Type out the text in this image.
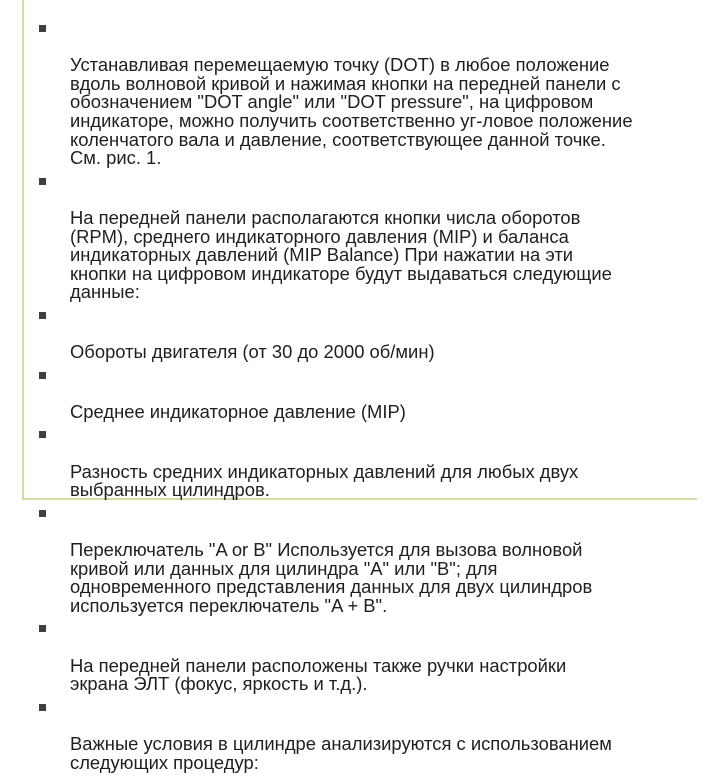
Устанавливая перемещаемую точку (DOT) в любое положение
вдоль волновой кривой и нажимая кнопки на передней панели с
обозначением "DOT angle" или "DOT pressure", на цифровом
индикаторе, можно получить соответственно уг-ловое положение
коленчатого вала и давление, соответствующее данной точке.
См. рис. 1.

На передней панели располагаются кнопки числа оборотов
(RPM), среднего индикаторного давления (MIP) и баланса
индикаторных давлений (MIP Balance) При нажатии на эти
кнопки на цифровом индикаторе будут выдаваться следующие
данные:

Обороты двигателя (от 30 до 2000 об/мин)

Среднее индикаторное давление (MIP)

Разность средних индикаторных давлений для любых двух
выбранных цилиндров.

Переключатель "A or B" Используется для вызова волновой
кривой или данных для цилиндра "A" или "B"; для
одновременного представления данных для двух цилиндров
используется переключатель "A + B".

На передней панели расположены также ручки настройки
экрана ЭЛТ (фокус, яркость и т.д.).

Важные условия в цилиндре анализируются с использованием
следующих процедур:
